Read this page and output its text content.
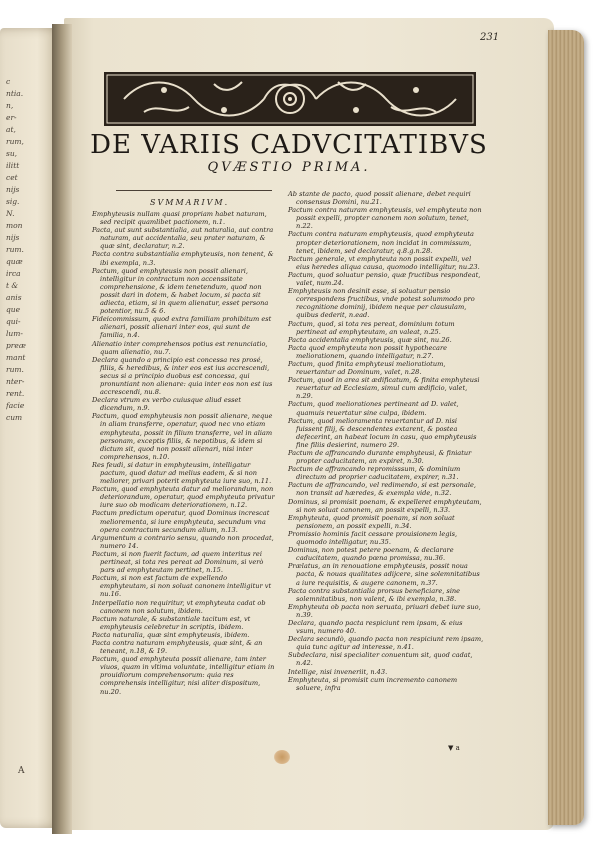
c
ntia.
n,
er-
at,
rum,
su,
ilitt
cet
nijs
sig.
N.
mon
nijs
rum.
quæ
irca
t &
anis
que
qui-
lum-
preæ
mant
rum.
nter-
rent.
facie
cum
A
231
DE VARIIS CADVCITATIBVS
QVÆSTIO PRIMA.
SVMMARIVM.

Emphyteusis nullam quasi propriam habet naturam, sed recipit quamlibet pactionem, n.1.

Pacta, aut sunt substantialia, aut naturalia, aut contra naturam, aut accidentalia, seu prater naturam, & quæ sint, declaratur, n.2.

Pacta contra substantialia emphyteusis, non tenent, & ibi exempla, n.3.

Pactum, quod emphyteusis non possit alienari, intelligitur in contractum non accenssitate comprehensione, & idem tenetendum, quod non possit dari in dotem, & habet locum, si pacta sit adiecta, etiam, si in quem alienatur, esset persona potentior, nu.5 & 6.

Fideicommissum, quod extra familiam prohibitum est alienari, possit alienari inter eos, qui sunt de familia, n.4.

Alienatio inter comprehensos potius est renunciatio, quam alienatio, nu.7.

Declara quando a principio est concessa res prosé, filiis, & heredibus, & inter eos est ius accrescendi, secus si a principio duobus est concessa, qui pronuntiant non alienare: quia inter eos non est ius accrescendi, nu.8.

Declara vtrum ex verbo cuiusque aliud esset dicendum, n.9.

Pactum, quod emphyteusis non possit alienare, neque in aliam transferre, operatur, quod nec vno etiam emphyteuta, possit in filium transferre, vel in aliam personam, exceptis filiis, & nepotibus, & idem si dictum sit, quod non possit alienari, nisi inter comprehensos, n.10.

Res feudi, si datur in emphyteusim, intelligatur pactum, quod datur ad melius eadem, & si non meliorer, privari poterit emphyteuta iure suo, n.11.

Pactum, quod emphyteuta datur ad meliorandum, non deteriorandum, operatur, quod emphyteuta privatur iure suo ob modicam deteriorationem, n.12.

Pactum predictum operatur, quod Dominus increscat meliorementa, si iure emphyteuta, secundum vna opera contractum secundum alium, n.13.

Argumentum a contrario sensu, quando non procedat, numero 14.

Pactum, si non fuerit factum, ad quem interitus rei pertineat, si tota res pereat ad Dominum, si verò pars ad emphyteutam pertinet, n.15.

Pactum, si non est factum de expellendo emphyteutam, si non soluat canonem intelligitur vt nu.16.

Interpellatio non requiritur, vt emphyteuta cadat ob canonem non solutum, ibidem.

Pactum naturale, & substantiale tacitum est, vt emphyteusis celebretur in scriptis, ibidem.

Pacta naturalia, quæ sint emphyteusis, ibidem.

Pacta contra naturam emphyteusis, quæ sint, & an teneant, n.18, & 19.

Pactum, quod emphyteuta possit alienare, tam inter viuos, quam in vltima voluntate, intelligitur etiam in prouidiorum comprehensorum: quia res comprehensis intelligitur, nisi aliter dispositum, nu.20.

Ab stante de pacto, quod possit alienare, debet requiri consensus Domini, nu.21.

Pactum contra naturam emphyteusis, vel emphyteuta non possit expelli, propter canonem non solutum, tenet, n.22.

Pactum contra naturam emphyteusis, quod emphyteuta propter deteriorationem, non incidat in commissum, tenet, ibidem, sed declaratur, q.8.g.n.28.

Pactum generale, vt emphyteuta non possit expelli, vel eius heredes aliqua causa, quomodo intelligitur, nu.23.

Pactum, quod soluatur pensio, quæ fructibus respondeat, valet, num.24.

Emphyteusis non desinit esse, si soluatur pensio correspondens fructibus, vnde potest solummodo pro recognitione dominij, ibidem neque per clausulam, quibus dederit, n.ead.

Pactum, quod, si tota res pereat, dominium totum pertineat ad emphyteutam, an valeat, n.25.

Pacta accidentalia emphyteusis, quæ sint, nu.26.

Pacta quod emphyteuta non possit hypothecare meliorationem, quando intelligatur, n.27.

Pactum, quod finita emphyteusi melioratiotum, reuertantur ad Dominum, valet, n.28.

Pactum, quod in area sit ædificatum, & finita emphyteusi reuertatur ad Ecclesiam, simul cum ædificio, valet, n.29.

Pactum, quod meliorationes pertineant ad D. valet, quamuis reuertatur sine culpa, ibidem.

Pactum, quod melioramenta reuertantur ad D. nisi fuissent filij, & descendentes extarent, & postea defecerint, an habeat locum in casu, quo emphyteusis fine filiis desierint, numero 29.

Pactum de affrancando durante emphyteusi, & finiatur propter caducitatem, an expiret, n.30.

Pactum de affrancando repromisssum, & dominium directum ad proprier caducitatem, expirer, n.31.

Pactum de affrancando, vel redimendo, si est personale, non transit ad hæredes, & exempla vide, n.32.

Dominus, si promisit poenam, & expelleret emphyteutam, si non soluat canonem, an possit expelli, n.33.

Emphyteuta, quod promisit poenam, si non soluat pensionem, an possit expelli, n.34.

Promissio hominis facit cessare prouisionem legis, quomodo intelligatur, nu.35.

Dominus, non potest petere poenam, & declarare caducitatem, quando pœna promissa, nu.36.

Prælatus, an in renouatione emphyteusis, possit noua pacta, & nouas qualitates adijcere, sine solemnitatibus a iure requisitis, & augere canonem, n.37.

Pacta contra substantialia prorsus beneficiare, sine solemnitatibus, non valent, & ibi exempla, n.38.

Emphyteuta ob pacta non seruata, priuari debet iure suo, n.39.

Declara, quando pacta respiciunt rem ipsam, & eius vsum, numero 40.

Declara secundò, quando pacta non respiciunt rem ipsam, quia tunc agitur ad interesse, n.41.

Subdeclara, nisi specialiter conuentum sit, quod cadat, n.42.

Intellige, nisi inveneriit, n.43.

Emphyteuta, si promisit cum incremento canonem soluere, infra

▼ a
